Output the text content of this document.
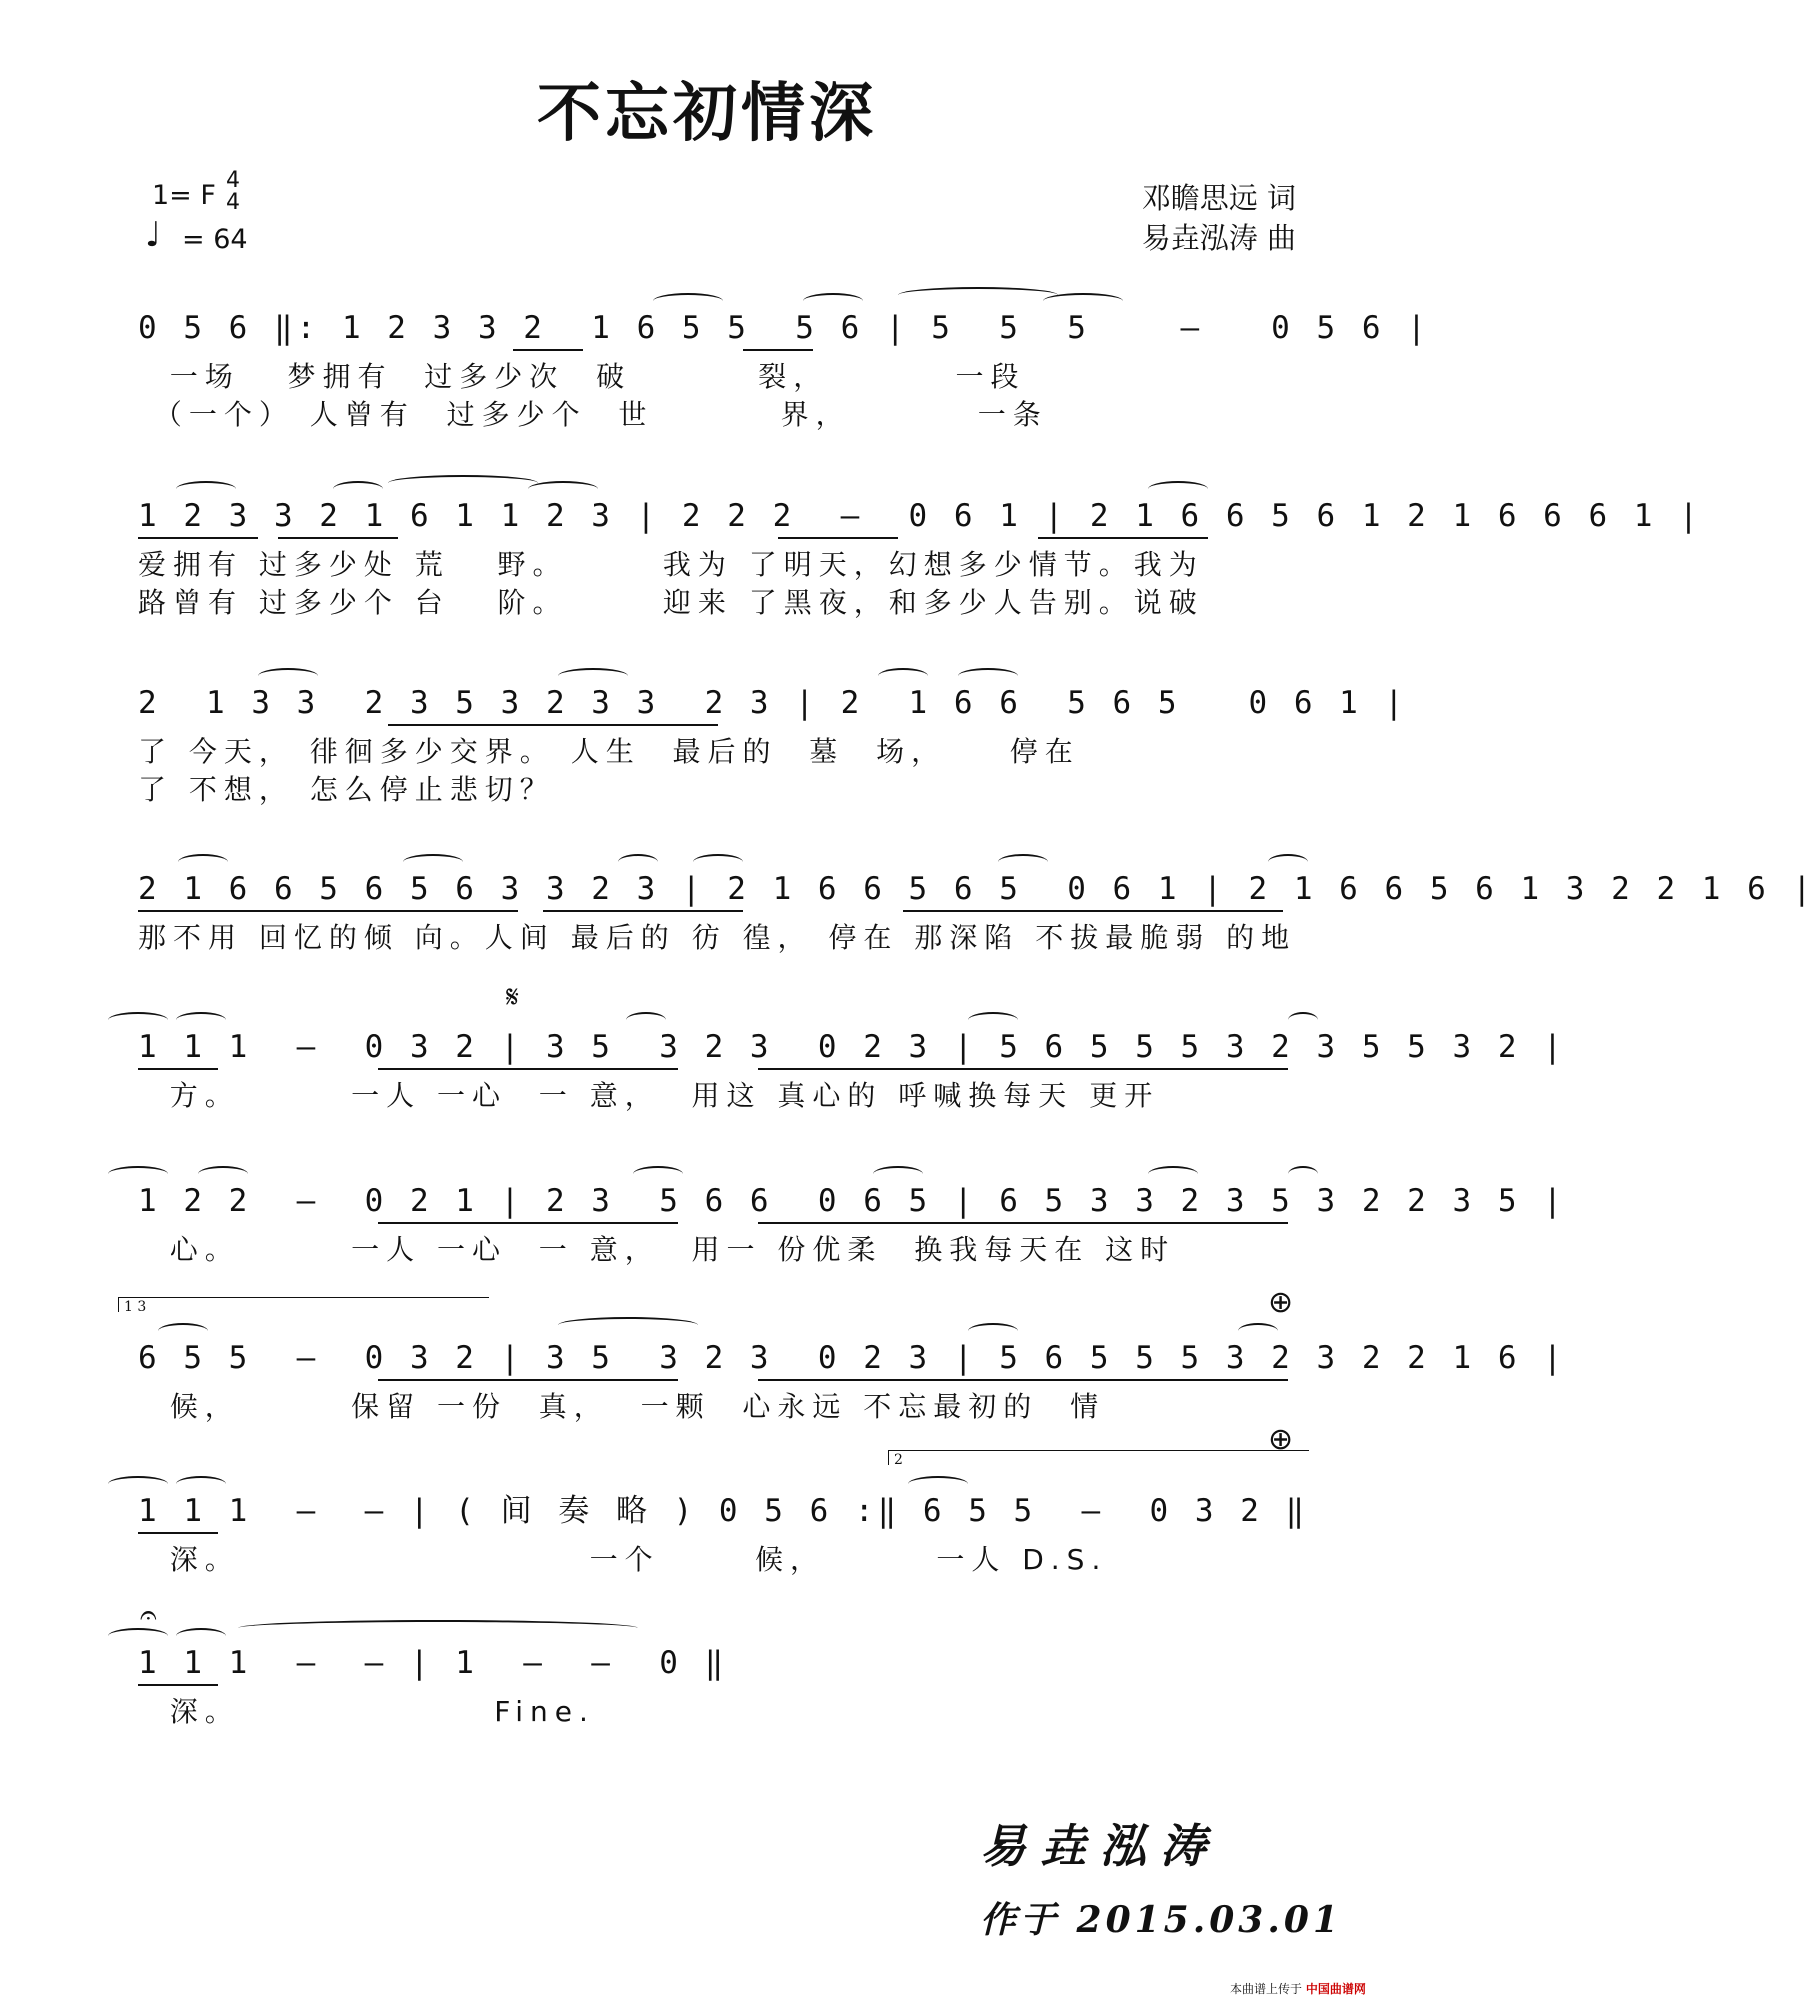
不忘初情深
1= F 4
4
♩ = 64
邓瞻思远 词
易垚泓涛 曲
0 5 6 ‖: 1 2 3 3 2  1 6 5 5  5 6 | 5  5  5    –   0 5 6 |
一场   梦拥有  过多少次  破        裂，        一段
（一个） 人曾有  过多少个  世        界，        一条
1 2 3 3 2 1 6 1 1 2 3 | 2 2 2  –  0 6 1 | 2 1 6 6 5 6 1 2 1 6 6 6 1 |
爱拥有 过多少处 荒   野。      我为 了明天，幻想多少情节。我为
路曾有 过多少个 台   阶。      迎来 了黑夜，和多少人告别。说破
2  1 3 3  2 3 5 3 2 3 3  2 3 | 2  1 6 6  5 6 5   0 6 1 |
了 今天， 徘徊多少交界。 人生  最后的  墓  场，    停在
了 不想， 怎么停止悲切？
2 1 6 6 5 6 5 6 3 3 2 3 | 2 1 6 6 5 6 5  0 6 1 | 2 1 6 6 5 6 1 3 2 2 1 6 |
那不用 回忆的倾 向。人间 最后的 彷 徨， 停在 那深陷 不拔最脆弱 的地
𝄋
1 1 1  –  0 3 2 | 3 5  3 2 3  0 2 3 | 5 6 5 5 5 3 2 3 5 5 3 2 |
方。       一人 一心  一 意，  用这 真心的 呼喊换每天 更开
1 2 2  –  0 2 1 | 2 3  5 6 6  0 6 5 | 6 5 3 3 2 3 5 3 2 2 3 5 |
心。       一人 一心  一 意，  用一 份优柔  换我每天在 这时
1 3	⊕
6 5 5  –  0 3 2 | 3 5  3 2 3  0 2 3 | 5 6 5 5 5 3 2 3 2 2 1 6 |
候，       保留 一份  真，  一颗  心永远 不忘最初的  情
2
⊕
1 1 1  –  – | ( 间 奏 略 ) 0 5 6 :‖ 6 5 5  –  0 3 2 ‖
深。                      一个      候，       一人 D.S.
𝄐
1 1 1  –  – | 1  –  –  0 ‖
深。                Fine.
易垚泓涛
作于 2015.03.01
本曲谱上传于 中国曲谱网
